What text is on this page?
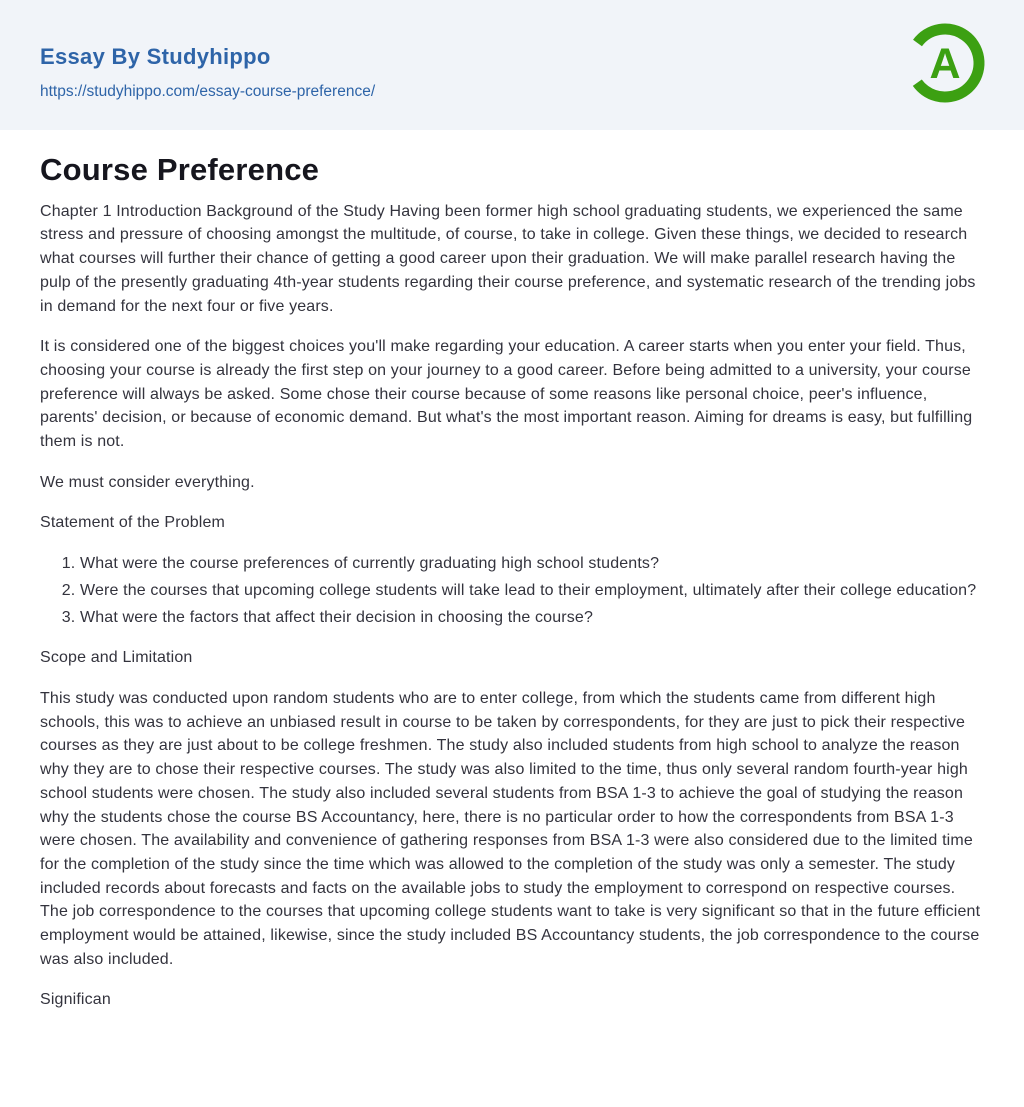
Essay By Studyhippo
https://studyhippo.com/essay-course-preference/
A
Course Preference

Chapter 1 Introduction Background of the Study Having been former high school graduating students, we experienced the same stress and pressure of choosing amongst the multitude, of course, to take in college. Given these things, we decided to research what courses will further their chance of getting a good career upon their graduation. We will make parallel research having the pulp of the presently graduating 4th-year students regarding their course preference, and systematic research of the trending jobs in demand for the next four or five years.

It is considered one of the biggest choices you'll make regarding your education. A career starts when you enter your field. Thus, choosing your course is already the first step on your journey to a good career. Before being admitted to a university, your course preference will always be asked. Some chose their course because of some reasons like personal choice, peer's influence, parents' decision, or because of economic demand. But what's the most important reason. Aiming for dreams is easy, but fulfilling them is not.

We must consider everything.

Statement of the Problem

1. What were the course preferences of currently graduating high school students?
2. Were the courses that upcoming college students will take lead to their employment, ultimately after their college education?
3. What were the factors that affect their decision in choosing the course?

Scope and Limitation

This study was conducted upon random students who are to enter college, from which the students came from different high schools, this was to achieve an unbiased result in course to be taken by correspondents, for they are just to pick their respective courses as they are just about to be college freshmen. The study also included students from high school to analyze the reason why they are to chose their respective courses. The study was also limited to the time, thus only several random fourth-year high school students were chosen. The study also included several students from BSA 1-3 to achieve the goal of studying the reason why the students chose the course BS Accountancy, here, there is no particular order to how the correspondents from BSA 1-3 were chosen. The availability and convenience of gathering responses from BSA 1-3 were also considered due to the limited time for the completion of the study since the time which was allowed to the completion of the study was only a semester. The study included records about forecasts and facts on the available jobs to study the employment to correspond on respective courses. The job correspondence to the courses that upcoming college students want to take is very significant so that in the future efficient employment would be attained, likewise, since the study included BS Accountancy students, the job correspondence to the course was also included.

Significan
